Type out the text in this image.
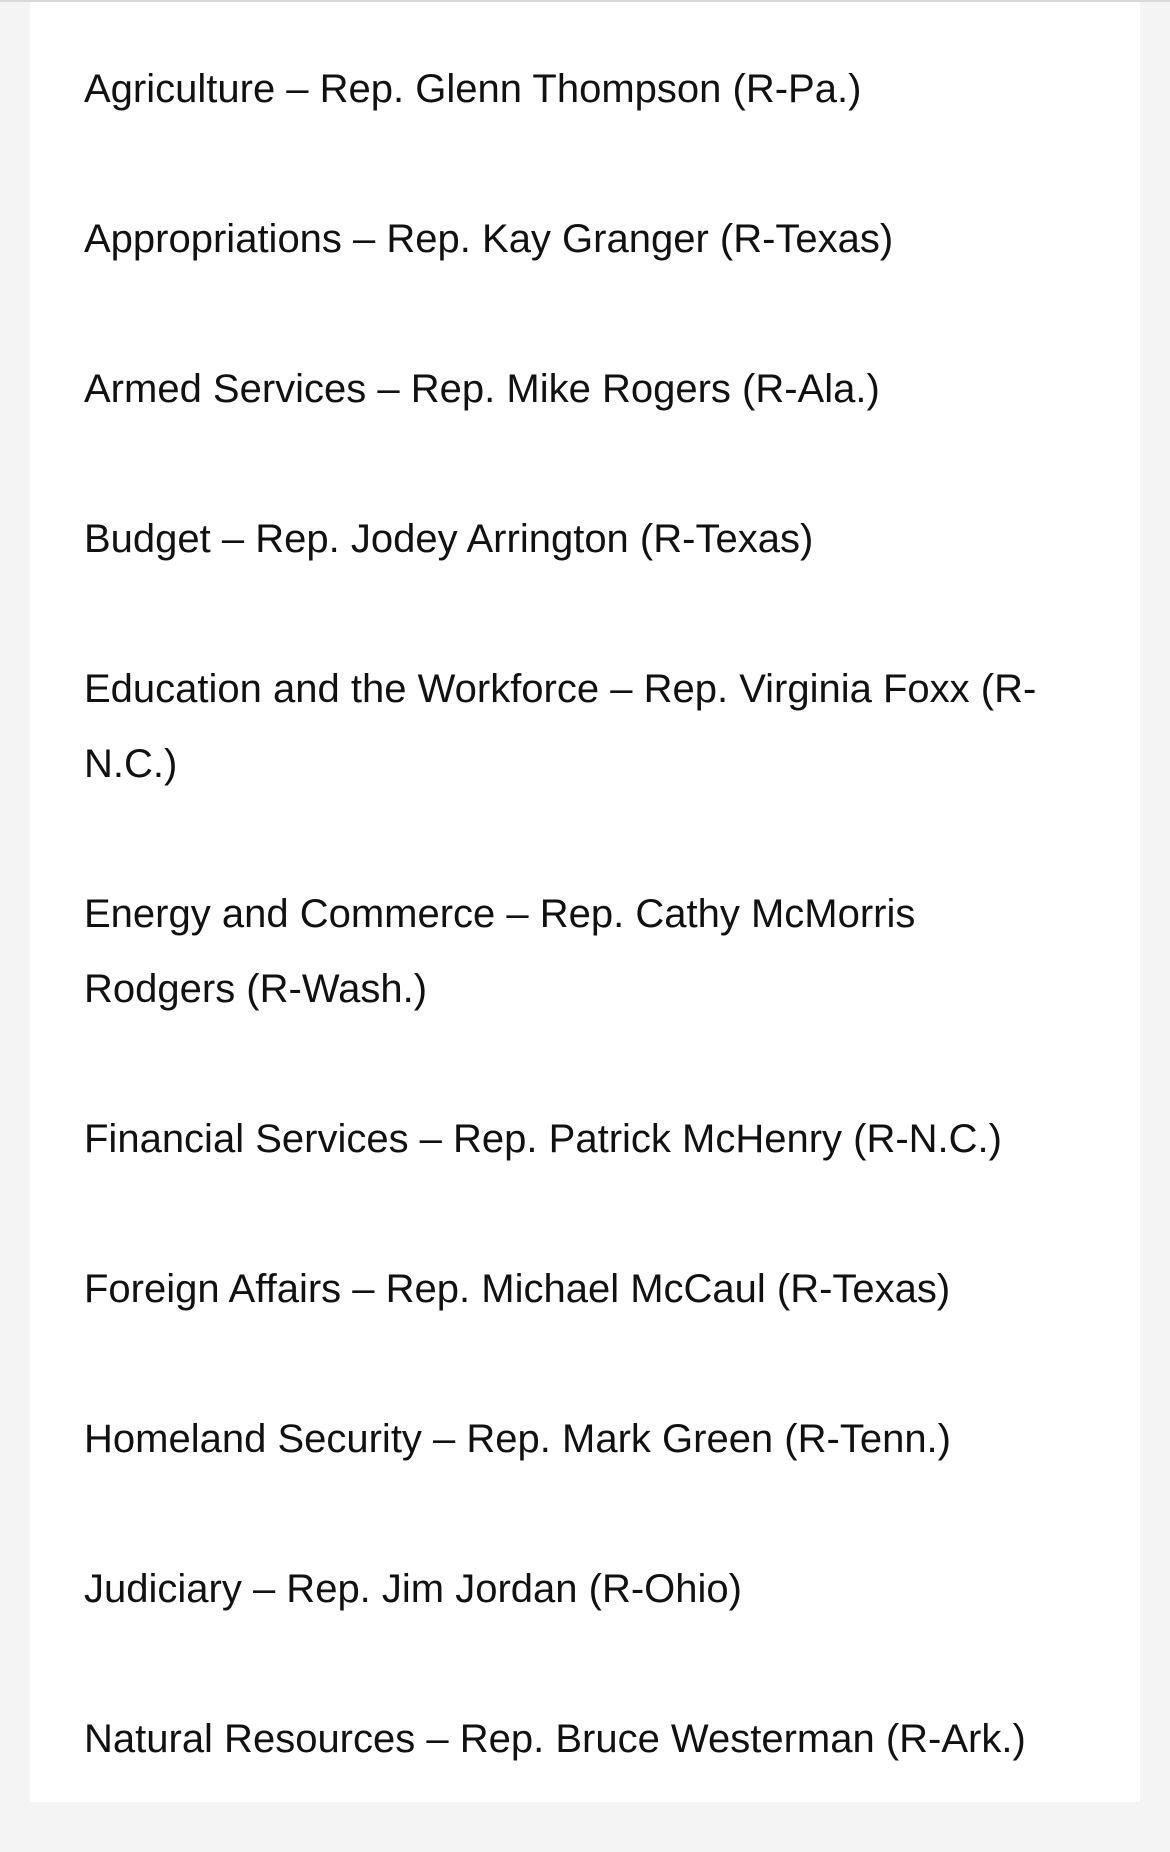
Agriculture – Rep. Glenn Thompson (R-Pa.)
Appropriations – Rep. Kay Granger (R-Texas)
Armed Services – Rep. Mike Rogers (R-Ala.)
Budget – Rep. Jodey Arrington (R-Texas)
Education and the Workforce – Rep. Virginia Foxx (R-
N.C.)
Energy and Commerce – Rep. Cathy McMorris
Rodgers (R-Wash.)
Financial Services – Rep. Patrick McHenry (R-N.C.)
Foreign Affairs – Rep. Michael McCaul (R-Texas)
Homeland Security – Rep. Mark Green (R-Tenn.)
Judiciary – Rep. Jim Jordan (R-Ohio)
Natural Resources – Rep. Bruce Westerman (R-Ark.)
